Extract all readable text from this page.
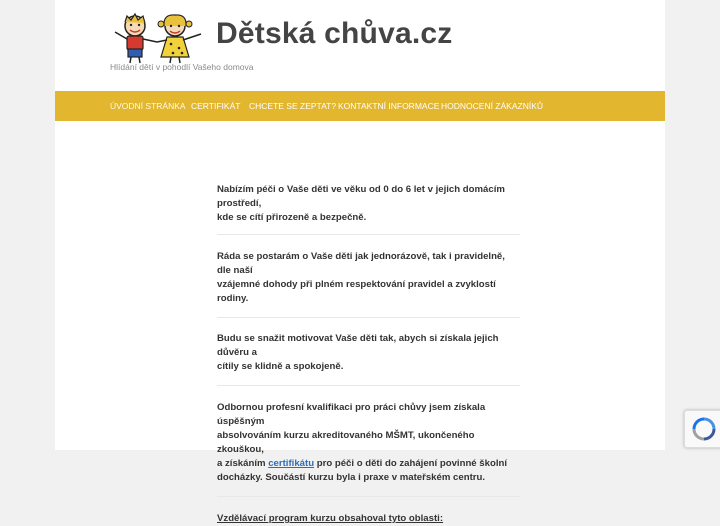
Dětská chůva.cz
Hlídání dětí v pohodlí Vašeho domova
ÚVODNÍ STRÁNKA CERTIFIKÁT CHCETE SE ZEPTAT? KONTAKTNÍ INFORMACE HODNOCENÍ ZÁKAZNÍKŮ
Nabízím péči o Vaše děti ve věku od 0 do 6 let v jejich domácím prostředí,
kde se cítí přirozeně a bezpečně.
Ráda se postarám o Vaše děti jak jednorázově, tak i pravidelně, dle naší
vzájemné dohody při plném respektování pravidel a zvyklostí rodiny.
Budu se snažit motivovat Vaše děti tak, abych si získala jejich důvěru a
cítily se klidně a spokojeně.
Odbornou profesní kvalifikaci pro práci chůvy jsem získala úspěšným
absolvováním kurzu akreditovaného MŠMT, ukončeného zkouškou,
a získáním certifikátu pro péči o děti do zahájení povinné školní
docházky. Součástí kurzu byla i praxe v mateřském centru.
Vzdělávací program kurzu obsahoval tyto oblasti:
